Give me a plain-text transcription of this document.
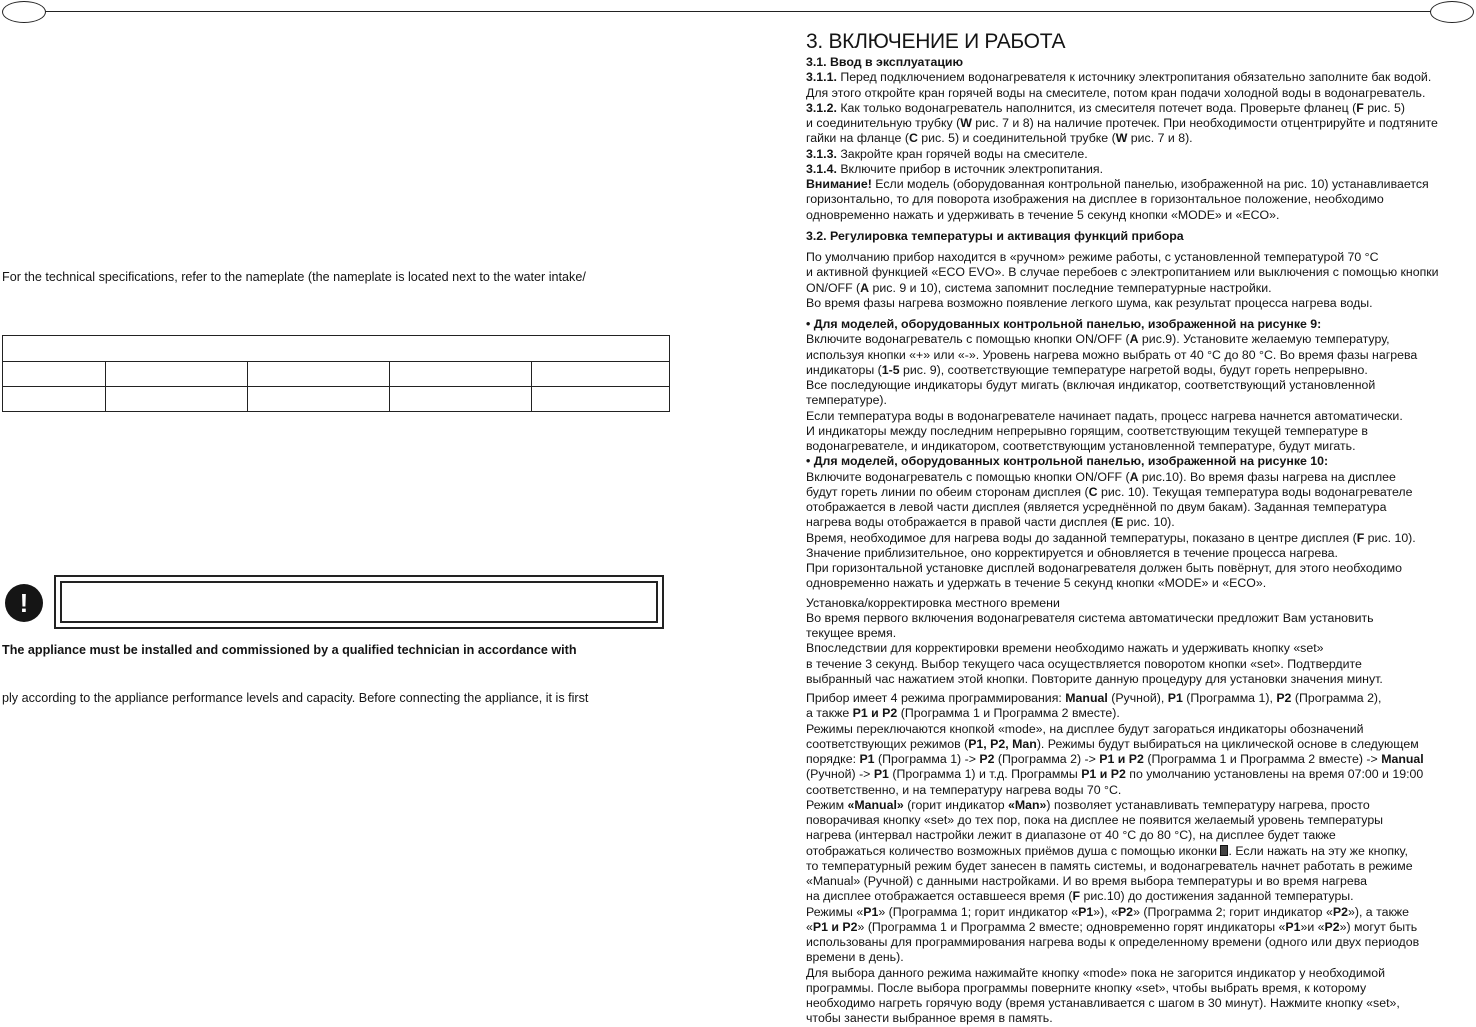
For the technical specifications, refer to the nameplate (the nameplate is located next to the water intake/

!
The appliance must be installed and commissioned by a qualified technician in accordance with
ply according to the appliance performance levels and capacity. Before connecting the appliance, it is first
3. ВКЛЮЧЕНИЕ И РАБОТА

3.1. Ввод в эксплуатацию

3.1.1. Перед подключением водонагревателя к источнику электропитания обязательно заполните бак водой.

Для этого откройте кран горячей воды на смесителе, потом кран подачи холодной воды в водонагреватель.

3.1.2. Как только водонагреватель наполнится, из смесителя потечет вода. Проверьте фланец (F рис. 5)

и соединительную трубку (W рис. 7 и 8) на наличие протечек. При необходимости отцентрируйте и подтяните

гайки на фланце (C рис. 5) и соединительной трубке (W рис. 7 и 8).

3.1.3. Закройте кран горячей воды на смесителе.

3.1.4. Включите прибор в источник электропитания.

Внимание! Если модель (оборудованная контрольной панелью, изображенной на рис. 10) устанавливается

горизонтально, то для поворота изображения на дисплее в горизонтальное положение, необходимо

одновременно нажать и удерживать в течение 5 секунд кнопки «MODE» и «ECO».

3.2. Регулировка температуры и активация функций прибора

По умолчанию прибор находится в «ручном» режиме работы, с установленной температурой 70 °С

и активной функцией «ECO EVO». В случае перебоев с электропитанием или выключения с помощью кнопки

ON/OFF (A рис. 9 и 10), система запомнит последние температурные настройки.

Во время фазы нагрева возможно появление легкого шума, как результат процесса нагрева воды.

• Для моделей, оборудованных контрольной панелью, изображенной на рисунке 9:

Включите водонагреватель с помощью кнопки ON/OFF (A рис.9). Установите желаемую температуру,

используя кнопки «+» или «-». Уровень нагрева можно выбрать от 40 °С до 80 °С. Во время фазы нагрева

индикаторы (1-5 рис. 9), соответствующие температуре нагретой воды, будут гореть непрерывно.

Все последующие индикаторы будут мигать (включая индикатор, соответствующий установленной

температуре).

Если температура воды в водонагревателе начинает падать, процесс нагрева начнется автоматически.

И индикаторы между последним непрерывно горящим, соответствующим текущей температуре в

водонагревателе, и индикатором, соответствующим установленной температуре, будут мигать.

• Для моделей, оборудованных контрольной панелью, изображенной на рисунке 10:

Включите водонагреватель с помощью кнопки ON/OFF (A рис.10). Во время фазы нагрева на дисплее

будут гореть линии по обеим сторонам дисплея (C рис. 10). Текущая температура воды водонагревателе

отображается в левой части дисплея (является усреднённой по двум бакам). Заданная температура

нагрева воды отображается в правой части дисплея (E рис. 10).

Время, необходимое для нагрева воды до заданной температуры, показано в центре дисплея (F рис. 10).

Значение приблизительное, оно корректируется и обновляется в течение процесса нагрева.

При горизонтальной установке дисплей водонагревателя должен быть повёрнут, для этого необходимо

одновременно нажать и удержать в течение 5 секунд кнопки «MODE» и «ECO».

Установка/корректировка местного времени

Во время первого включения водонагревателя система автоматически предложит Вам установить

текущее время.

Впоследствии для корректировки времени необходимо нажать и удерживать кнопку «set»

в течение 3 секунд. Выбор текущего часа осуществляется поворотом кнопки «set». Подтвердите

выбранный час нажатием этой кнопки. Повторите данную процедуру для установки значения минут.

Прибор имеет 4 режима программирования: Manual (Ручной), P1 (Программа 1), P2 (Программа 2),

а также P1 и P2 (Программа 1 и Программа 2 вместе).

Режимы переключаются кнопкой «mode», на дисплее будут загораться индикаторы обозначений

соответствующих режимов (P1, P2, Man). Режимы будут выбираться на циклической основе в следующем

порядке: P1 (Программа 1) -> P2 (Программа 2) -> P1 и P2 (Программа 1 и Программа 2 вместе) -> Manual

(Ручной) -> P1 (Программа 1) и т.д. Программы P1 и P2 по умолчанию установлены на время 07:00 и 19:00

соответственно, и на температуру нагрева воды 70 °С.

Режим «Manual» (горит индикатор «Man») позволяет устанавливать температуру нагрева, просто

поворачивая кнопку «set» до тех пор, пока на дисплее не появится желаемый уровень температуры

нагрева (интервал настройки лежит в диапазоне от 40 °С до 80 °С), на дисплее будет также

отображаться количество возможных приёмов душа с помощью иконки . Если нажать на эту же кнопку,

то температурный режим будет занесен в память системы, и водонагреватель начнет работать в режиме

«Manual» (Ручной) с данными настройками. И во время выбора температуры и во время нагрева

на дисплее отображается оставшееся время (F рис.10) до достижения заданной температуры.

Режимы «P1» (Программа 1; горит индикатор «P1»), «P2» (Программа 2; горит индикатор «P2»), а также

«P1 и P2» (Программа 1 и Программа 2 вместе; одновременно горят индикаторы «P1»и «P2») могут быть

использованы для программирования нагрева воды к определенному времени (одного или двух периодов

времени в день).

Для выбора данного режима нажимайте кнопку «mode» пока не загорится индикатор у необходимой

программы. После выбора программы поверните кнопку «set», чтобы выбрать время, к которому

необходимо нагреть горячую воду (время устанавливается с шагом в 30 минут). Нажмите кнопку «set»,

чтобы занести выбранное время в память.
